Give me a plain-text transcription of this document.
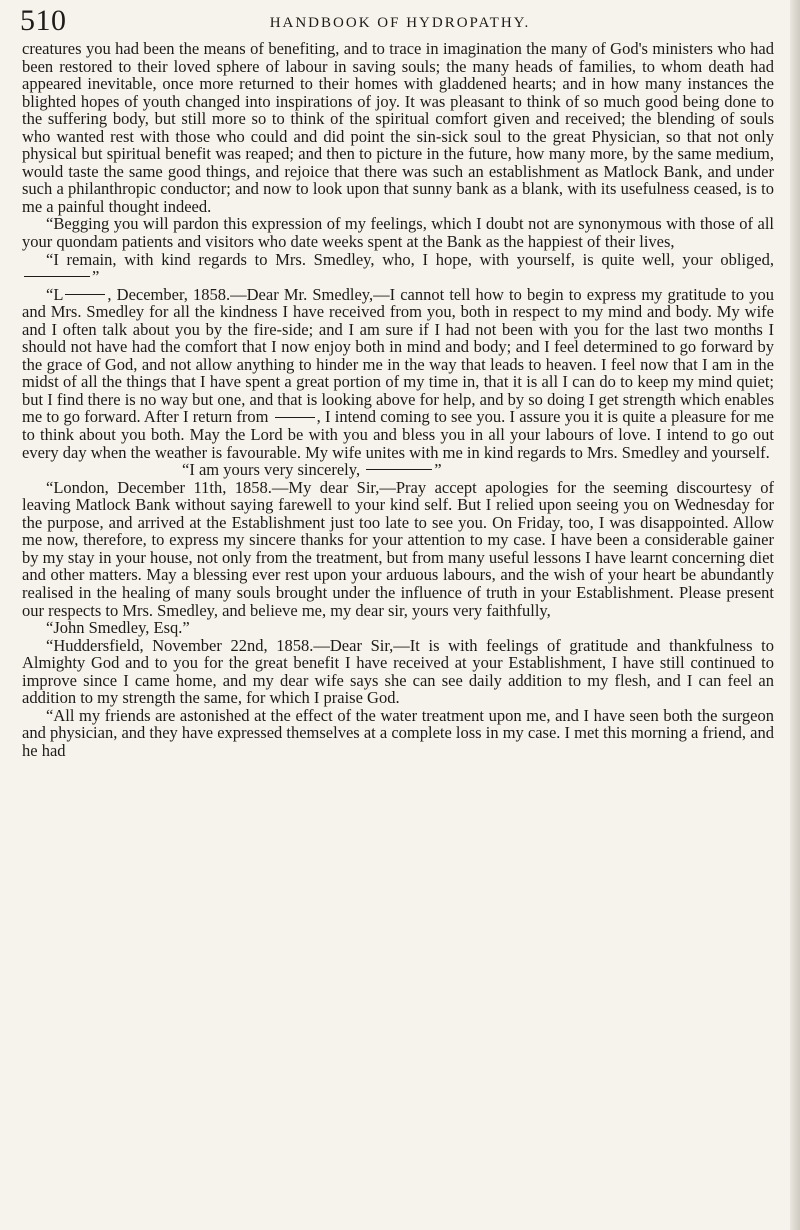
510	HANDBOOK OF HYDROPATHY.

creatures you had been the means of benefiting, and to trace in imagination the many of God's ministers who had been restored to their loved sphere of labour in saving souls; the many heads of families, to whom death had appeared inevitable, once more returned to their homes with gladdened hearts; and in how many instances the blighted hopes of youth changed into inspirations of joy. It was pleasant to think of so much good being done to the suffering body, but still more so to think of the spiritual comfort given and received; the blending of souls who wanted rest with those who could and did point the sin-sick soul to the great Physician, so that not only physical but spiritual benefit was reaped; and then to picture in the future, how many more, by the same medium, would taste the same good things, and rejoice that there was such an establishment as Matlock Bank, and under such a philanthropic conductor; and now to look upon that sunny bank as a blank, with its usefulness ceased, is to me a painful thought indeed.

“Begging you will pardon this expression of my feelings, which I doubt not are synonymous with those of all your quondam patients and visitors who date weeks spent at the Bank as the happiest of their lives,

“I remain, with kind regards to Mrs. Smedley, who, I hope, with yourself, is quite well, your obliged, ”

“L	, December, 1858.—Dear Mr. Smedley,—I cannot tell how to begin to express my gratitude to you and Mrs. Smedley for all the kindness I have received from you, both in respect to my mind and body. My wife and I often talk about you by the fire-side; and I am sure if I had not been with you for the last two months I should not have had the comfort that I now enjoy both in mind and body; and I feel determined to go forward by the grace of God, and not allow anything to hinder me in the way that leads to heaven. I feel now that I am in the midst of all the things that I have spent a great portion of my time in, that it is all I can do to keep my mind quiet; but I find there is no way but one, and that is looking above for help, and by so doing I get strength which enables me to go forward. After I return from	, I intend coming to see you. I assure you it is quite a pleasure for me to think about you both. May the Lord be with you and bless you in all your labours of love. I intend to go out every day when the weather is favourable. My wife unites with me in kind regards to Mrs. Smedley and yourself.

“I am yours very sincerely,	”

“London, December 11th, 1858.—My dear Sir,—Pray accept apologies for the seeming discourtesy of leaving Matlock Bank without saying farewell to your kind self. But I relied upon seeing you on Wednesday for the purpose, and arrived at the Establishment just too late to see you. On Friday, too, I was disappointed. Allow me now, therefore, to express my sincere thanks for your attention to my case. I have been a considerable gainer by my stay in your house, not only from the treatment, but from many useful lessons I have learnt concerning diet and other matters. May a blessing ever rest upon your arduous labours, and the wish of your heart be abundantly realised in the healing of many souls brought under the influence of truth in your Establishment. Please present our respects to Mrs. Smedley, and believe me, my dear sir, yours very faithfully,

“John Smedley, Esq.”

“Huddersfield, November 22nd, 1858.—Dear Sir,—It is with feelings of gratitude and thankfulness to Almighty God and to you for the great benefit I have received at your Establishment, I have still continued to improve since I came home, and my dear wife says she can see daily addition to my flesh, and I can feel an addition to my strength the same, for which I praise God.

“All my friends are astonished at the effect of the water treatment upon me, and I have seen both the surgeon and physician, and they have expressed themselves at a complete loss in my case. I met this morning a friend, and he had
